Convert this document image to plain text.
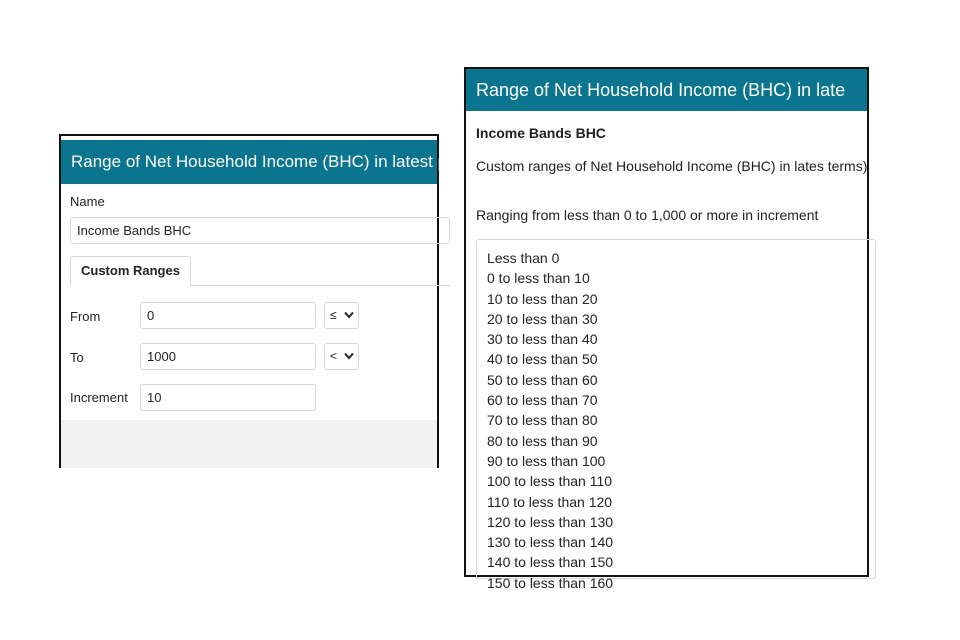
Range of Net Household Income (BHC) in latest p
Name
Income Bands BHC
Custom Ranges
From	0	≤
To	1000	<
Increment	10
Range of Net Household Income (BHC) in late
Income Bands BHC
Custom ranges of Net Household Income (BHC) in lates terms)
Ranging from less than 0 to 1,000 or more in increment
Less than 0
0 to less than 10
10 to less than 20
20 to less than 30
30 to less than 40
40 to less than 50
50 to less than 60
60 to less than 70
70 to less than 80
80 to less than 90
90 to less than 100
100 to less than 110
110 to less than 120
120 to less than 130
130 to less than 140
140 to less than 150
150 to less than 160
